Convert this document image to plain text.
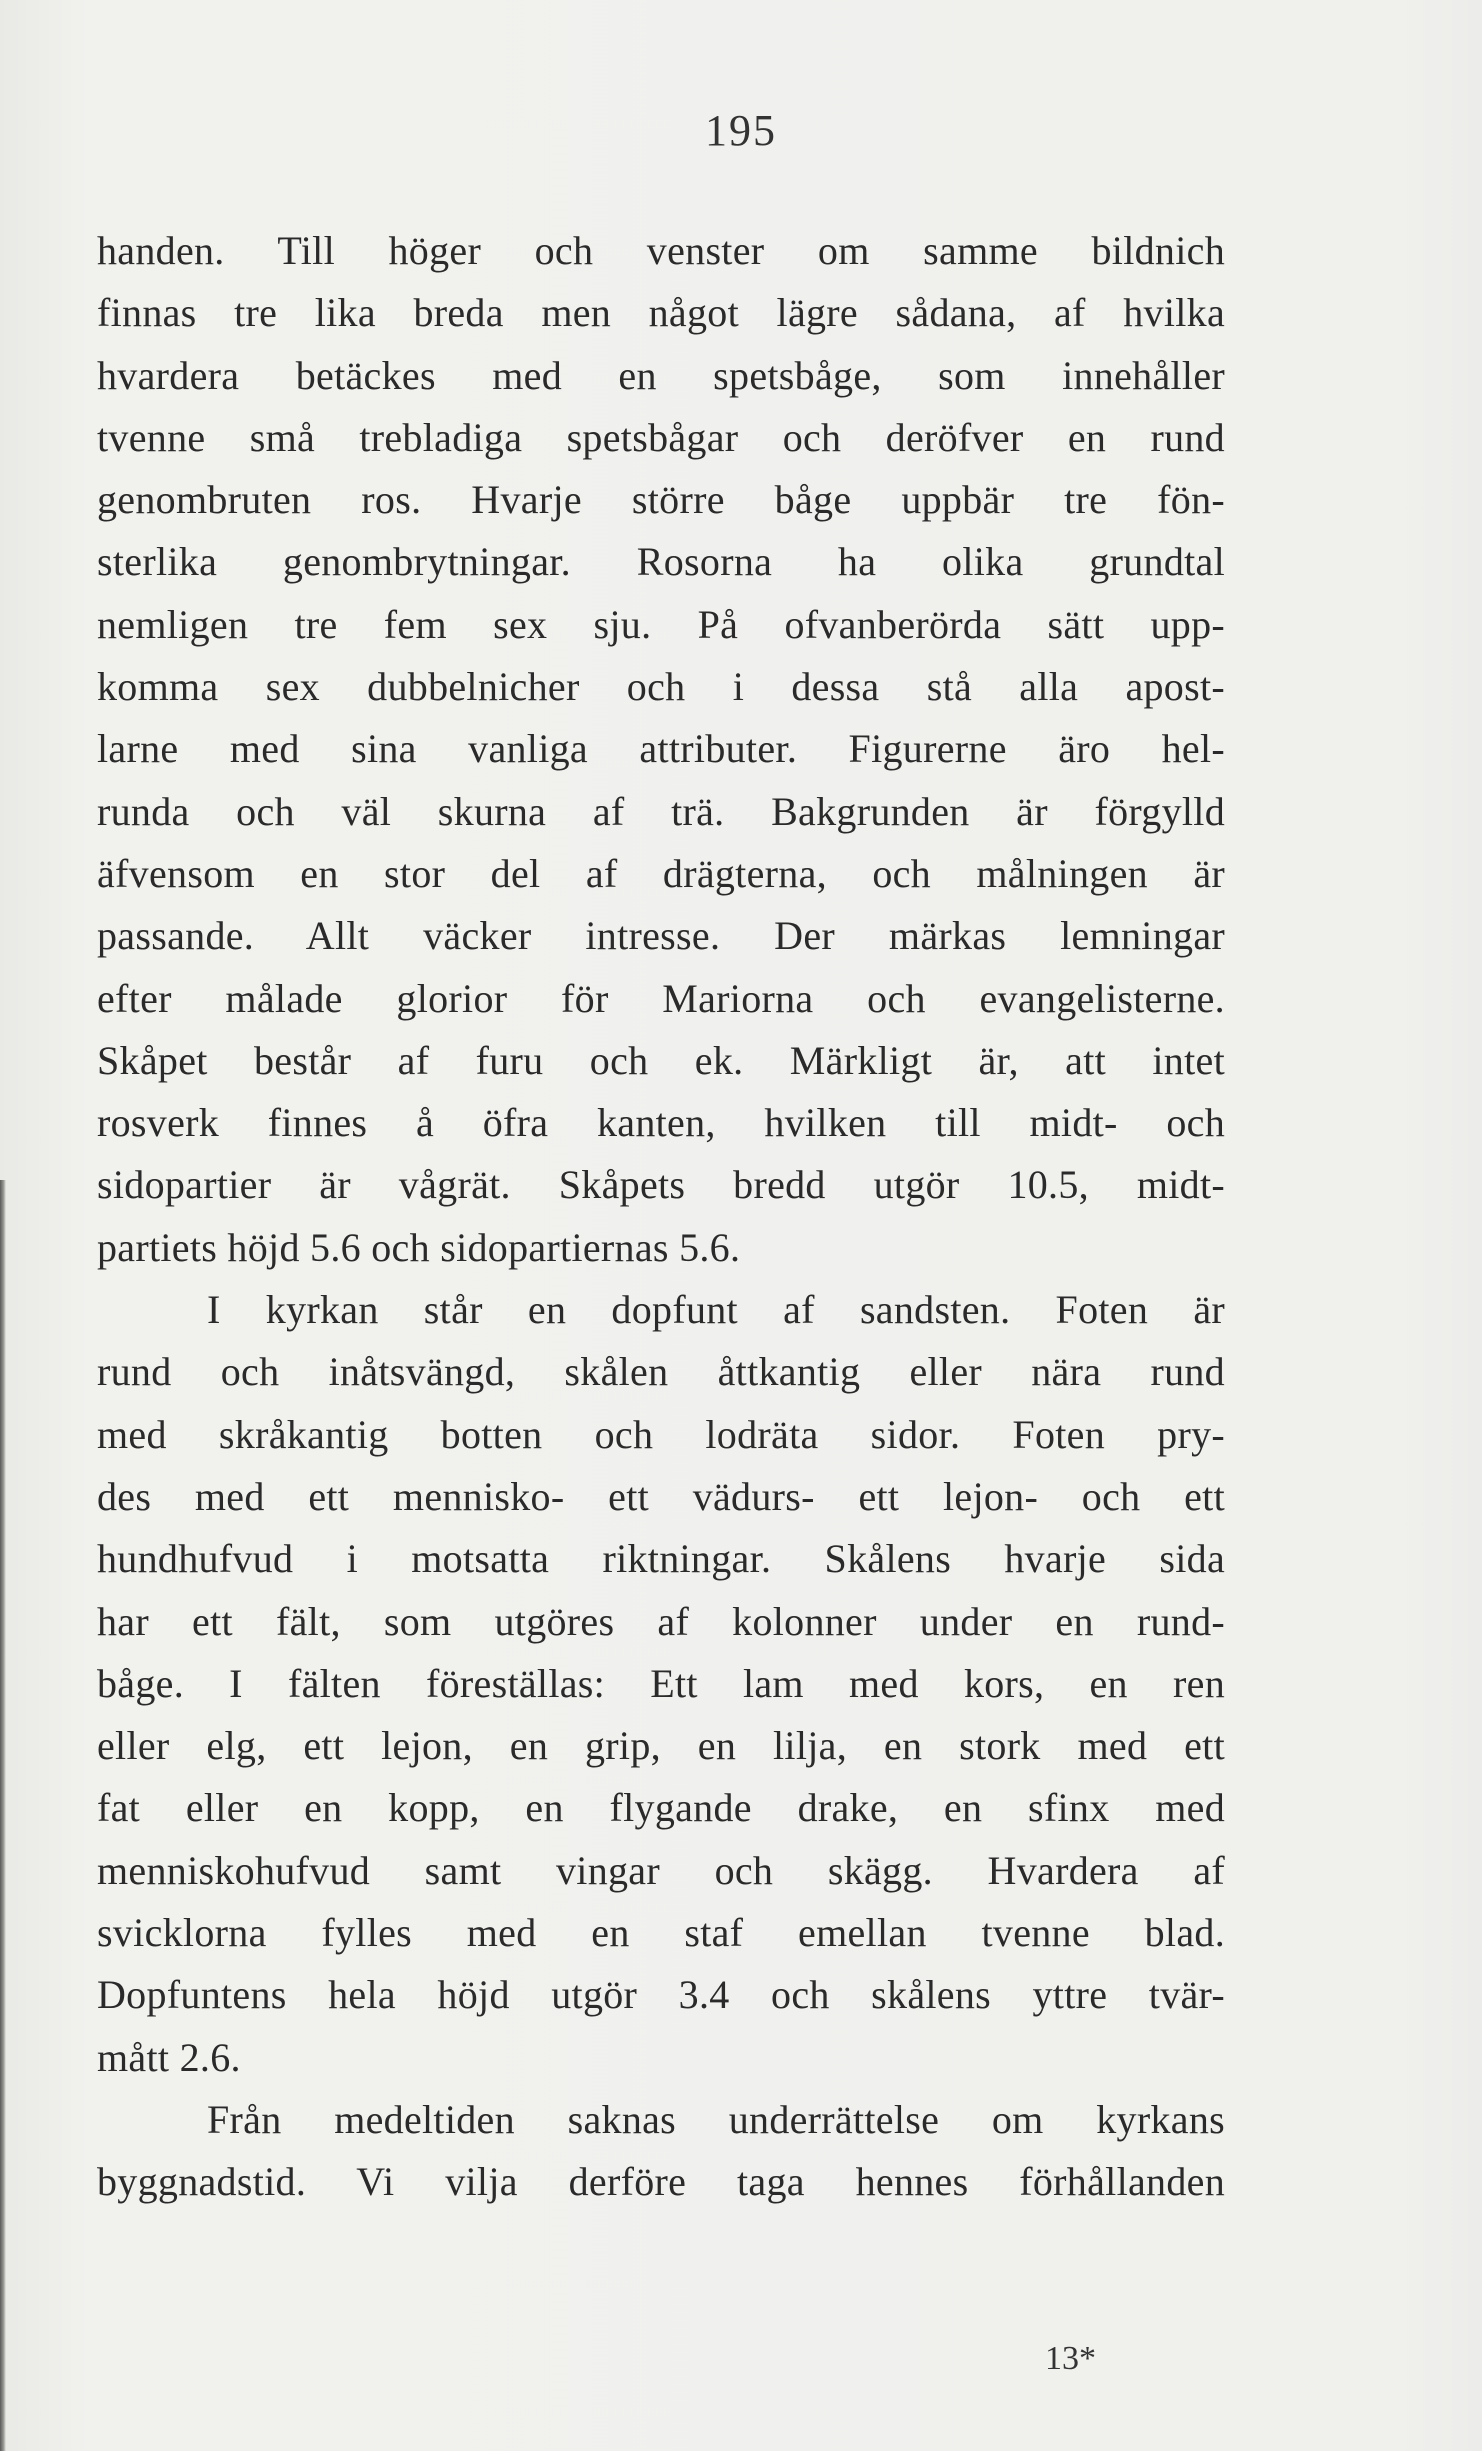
195
handen. Till höger och venster om samme bildnich
finnas tre lika breda men något lägre sådana, af hvilka
hvardera betäckes med en spetsbåge, som innehåller
tvenne små trebladiga spetsbågar och deröfver en rund
genombruten ros. Hvarje större båge uppbär tre fön-
sterlika genombrytningar. Rosorna ha olika grundtal
nemligen tre fem sex sju. På ofvanberörda sätt upp-
komma sex dubbelnicher och i dessa stå alla apost-
larne med sina vanliga attributer. Figurerne äro hel-
runda och väl skurna af trä. Bakgrunden är förgylld
äfvensom en stor del af drägterna, och målningen är
passande. Allt väcker intresse. Der märkas lemningar
efter målade glorior för Mariorna och evangelisterne.
Skåpet består af furu och ek. Märkligt är, att intet
rosverk finnes å öfra kanten, hvilken till midt- och
sidopartier är vågrät. Skåpets bredd utgör 10.5, midt-
partiets höjd 5.6 och sidopartiernas 5.6.
I kyrkan står en dopfunt af sandsten. Foten är
rund och inåtsvängd, skålen åttkantig eller nära rund
med skråkantig botten och lodräta sidor. Foten pry-
des med ett mennisko- ett vädurs- ett lejon- och ett
hundhufvud i motsatta riktningar. Skålens hvarje sida
har ett fält, som utgöres af kolonner under en rund-
båge. I fälten föreställas: Ett lam med kors, en ren
eller elg, ett lejon, en grip, en lilja, en stork med ett
fat eller en kopp, en flygande drake, en sfinx med
menniskohufvud samt vingar och skägg. Hvardera af
svicklorna fylles med en staf emellan tvenne blad.
Dopfuntens hela höjd utgör 3.4 och skålens yttre tvär-
mått 2.6.
Från medeltiden saknas underrättelse om kyrkans
byggnadstid. Vi vilja derföre taga hennes förhållanden
13*
